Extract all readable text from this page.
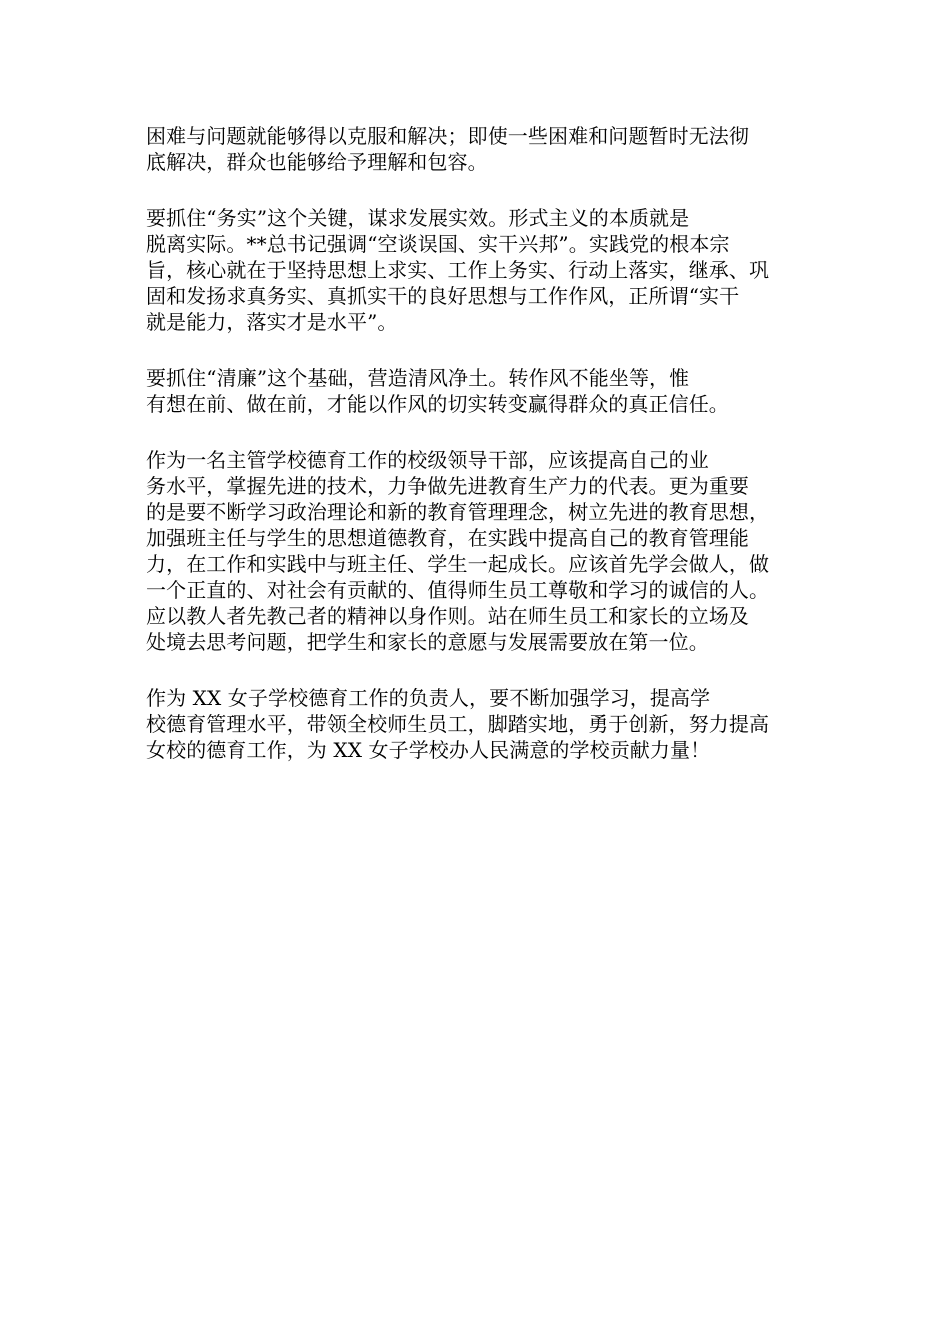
困难与问题就能够得以克服和解决；即使一些困难和问题暂时无法彻
底解决，群众也能够给予理解和包容。

要抓住“务实”这个关键，谋求发展实效。形式主义的本质就是
脱离实际。**总书记强调“空谈误国、实干兴邦”。实践党的根本宗
旨，核心就在于坚持思想上求实、工作上务实、行动上落实，继承、巩
固和发扬求真务实、真抓实干的良好思想与工作作风，正所谓“实干
就是能力，落实才是水平”。

要抓住“清廉”这个基础，营造清风净土。转作风不能坐等，惟
有想在前、做在前，才能以作风的切实转变赢得群众的真正信任。

作为一名主管学校德育工作的校级领导干部，应该提高自己的业
务水平，掌握先进的技术，力争做先进教育生产力的代表。更为重要
的是要不断学习政治理论和新的教育管理理念，树立先进的教育思想，
加强班主任与学生的思想道德教育，在实践中提高自己的教育管理能
力，在工作和实践中与班主任、学生一起成长。应该首先学会做人，做
一个正直的、对社会有贡献的、值得师生员工尊敬和学习的诚信的人。
应以教人者先教己者的精神以身作则。站在师生员工和家长的立场及
处境去思考问题，把学生和家长的意愿与发展需要放在第一位。

作为 XX 女子学校德育工作的负责人，要不断加强学习，提高学
校德育管理水平，带领全校师生员工，脚踏实地，勇于创新，努力提高
女校的德育工作，为 XX 女子学校办人民满意的学校贡献力量！
